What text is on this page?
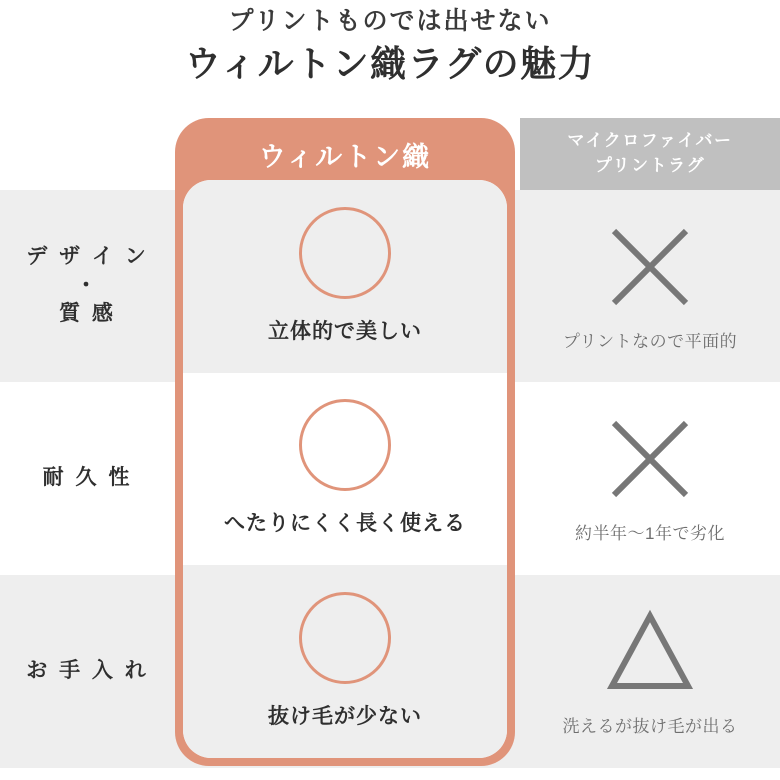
プリントものでは出せない
ウィルトン織ラグの魅力
デ ザ イ ン
・
質 感
耐 久 性
お 手 入 れ
マイクロファイバー
プリントラグ
プリントなので平面的
約半年〜1年で劣化
洗えるが抜け毛が出る
立体的で美しい
へたりにくく長く使える
抜け毛が少ない
ウィルトン織
